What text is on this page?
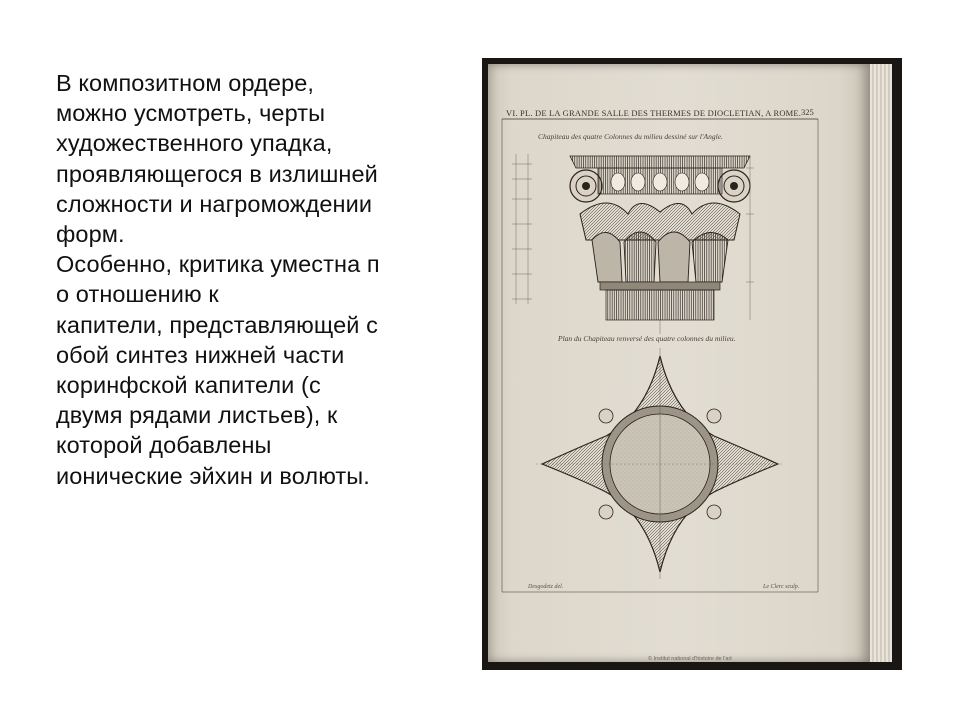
В композитном ордере,
можно усмотреть, черты
художественного упадка,
проявляющегося в излишней
сложности и нагромождении
форм.
Особенно, критика уместна п
о отношению к
капители, представляющей с
обой синтез нижней части
коринфской капители (с
двумя рядами листьев), к
которой добавлены
ионические эйхин и волюты.
VI. PL. DE LA GRANDE SALLE DES THERMES DE DIOCLETIAN, A ROME. 325
Chapiteau des quatre Colonnes du milieu dessiné sur l'Angle.
Plan du Chapiteau renversé des quatre colonnes du milieu.
Desgodetz del.	Le Clerc sculp.
© Institut national d'histoire de l'art
